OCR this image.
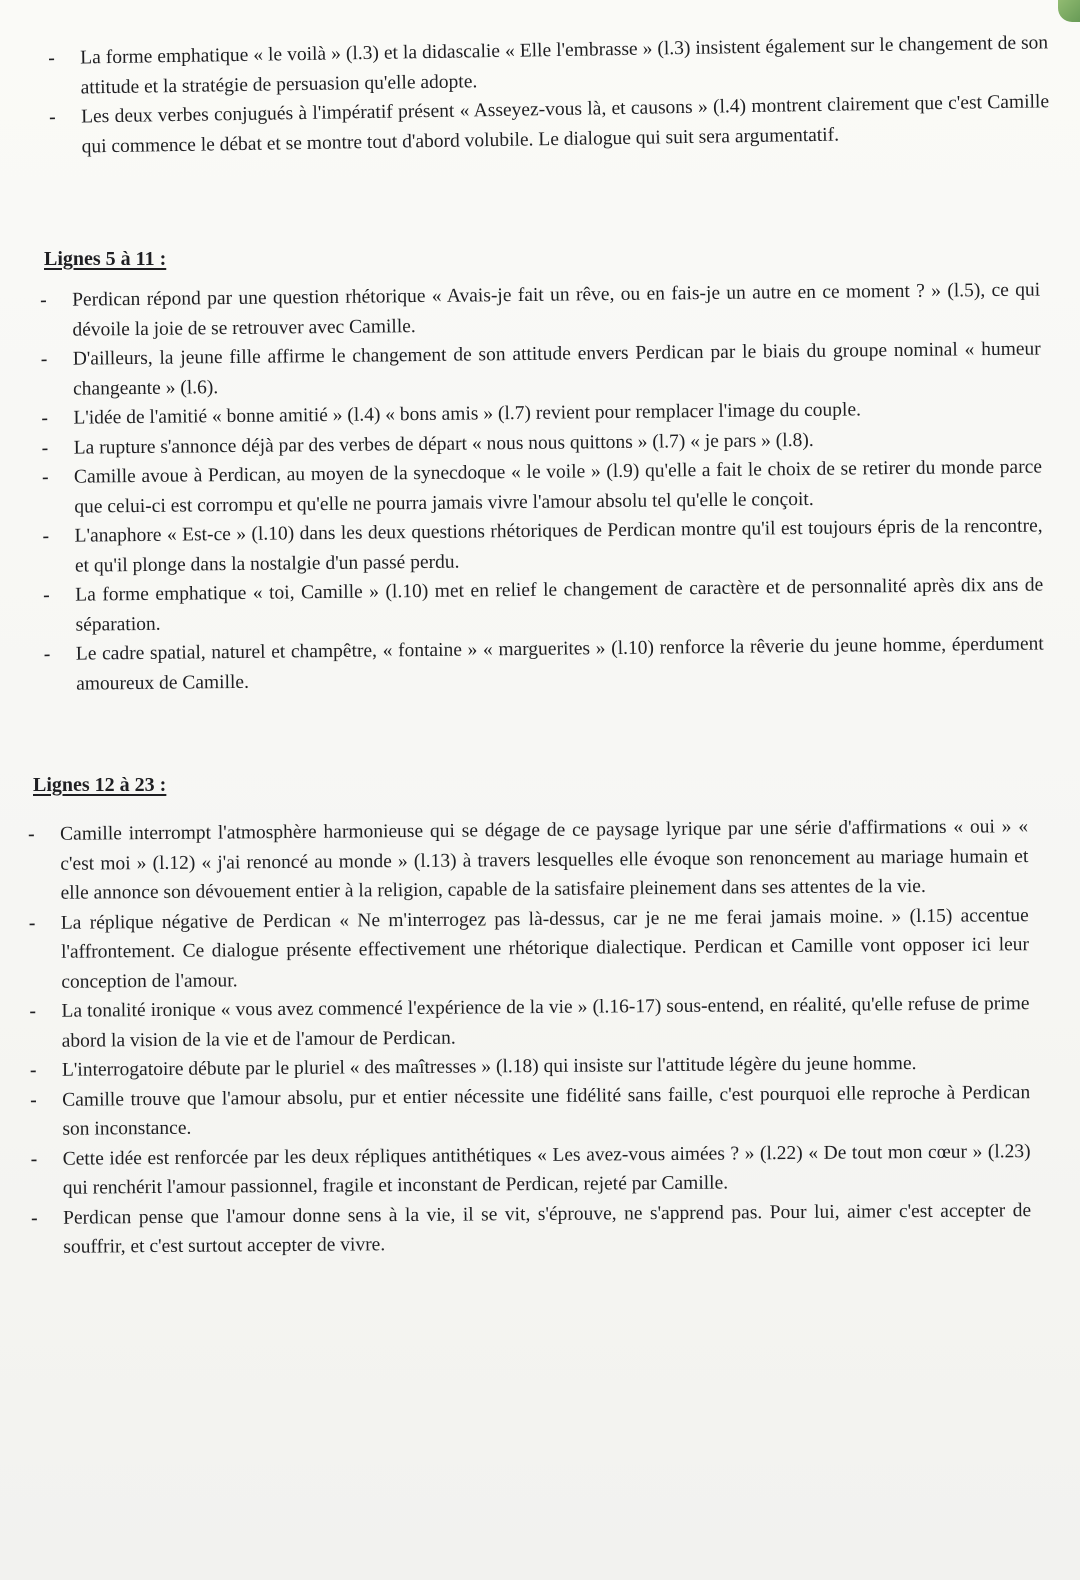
- La forme emphatique « le voilà » (l.3) et la didascalie « Elle l'embrasse » (l.3) insistent également sur le changement de son attitude et la stratégie de persuasion qu'elle adopte.
- Les deux verbes conjugués à l'impératif présent « Asseyez-vous là, et causons » (l.4) montrent clairement que c'est Camille qui commence le débat et se montre tout d'abord volubile. Le dialogue qui suit sera argumentatif.
Lignes 5 à 11 :
- Perdican répond par une question rhétorique « Avais-je fait un rêve, ou en fais-je un autre en ce moment ? » (l.5), ce qui dévoile la joie de se retrouver avec Camille.
- D'ailleurs, la jeune fille affirme le changement de son attitude envers Perdican par le biais du groupe nominal « humeur changeante » (l.6).
- L'idée de l'amitié « bonne amitié » (l.4) « bons amis » (l.7) revient pour remplacer l'image du couple.
- La rupture s'annonce déjà par des verbes de départ « nous nous quittons » (l.7) « je pars » (l.8).
- Camille avoue à Perdican, au moyen de la synecdoque « le voile » (l.9) qu'elle a fait le choix de se retirer du monde parce que celui-ci est corrompu et qu'elle ne pourra jamais vivre l'amour absolu tel qu'elle le conçoit.
- L'anaphore « Est-ce » (l.10) dans les deux questions rhétoriques de Perdican montre qu'il est toujours épris de la rencontre, et qu'il plonge dans la nostalgie d'un passé perdu.
- La forme emphatique « toi, Camille » (l.10) met en relief le changement de caractère et de personnalité après dix ans de séparation.
- Le cadre spatial, naturel et champêtre, « fontaine » « marguerites » (l.10) renforce la rêverie du jeune homme, éperdument amoureux de Camille.
Lignes 12 à 23 :
- Camille interrompt l'atmosphère harmonieuse qui se dégage de ce paysage lyrique par une série d'affirmations « oui » « c'est moi » (l.12) « j'ai renoncé au monde » (l.13) à travers lesquelles elle évoque son renoncement au mariage humain et elle annonce son dévouement entier à la religion, capable de la satisfaire pleinement dans ses attentes de la vie.
- La réplique négative de Perdican « Ne m'interrogez pas là-dessus, car je ne me ferai jamais moine. » (l.15) accentue l'affrontement. Ce dialogue présente effectivement une rhétorique dialectique. Perdican et Camille vont opposer ici leur conception de l'amour.
- La tonalité ironique « vous avez commencé l'expérience de la vie » (l.16-17) sous-entend, en réalité, qu'elle refuse de prime abord la vision de la vie et de l'amour de Perdican.
- L'interrogatoire débute par le pluriel « des maîtresses » (l.18) qui insiste sur l'attitude légère du jeune homme.
- Camille trouve que l'amour absolu, pur et entier nécessite une fidélité sans faille, c'est pourquoi elle reproche à Perdican son inconstance.
- Cette idée est renforcée par les deux répliques antithétiques « Les avez-vous aimées ? » (l.22) « De tout mon cœur » (l.23) qui renchérit l'amour passionnel, fragile et inconstant de Perdican, rejeté par Camille.
- Perdican pense que l'amour donne sens à la vie, il se vit, s'éprouve, ne s'apprend pas. Pour lui, aimer c'est accepter de souffrir, et c'est surtout accepter de vivre.
